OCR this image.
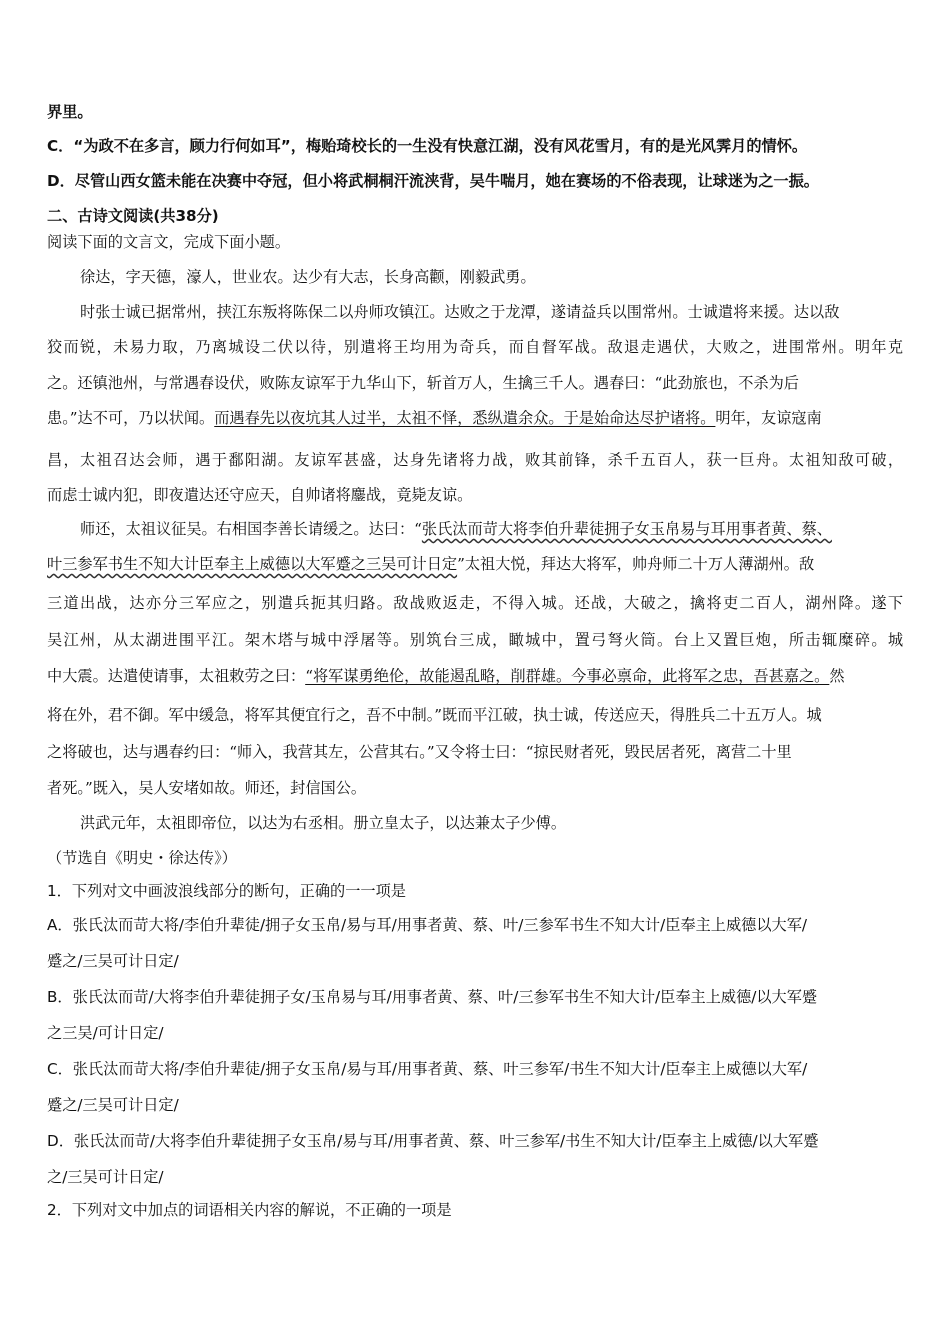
界里。
C．“为政不在多言，顾力行何如耳”，梅贻琦校长的一生没有快意江湖，没有风花雪月，有的是光风霁月的情怀。
D．尽管山西女篮未能在决赛中夺冠，但小将武桐桐汗流浃背，吴牛喘月，她在赛场的不俗表现，让球迷为之一振。
二、古诗文阅读(共38分)
阅读下面的文言文，完成下面小题。
徐达，字天德，濠人，世业农。达少有大志，长身高颧，刚毅武勇。
时张士诚已据常州，挟江东叛将陈保二以舟师攻镇江。达败之于龙潭，遂请益兵以围常州。士诚遣将来援。达以敌
狡而锐，未易力取，乃离城设二伏以待，别遣将王均用为奇兵，而自督军战。敌退走遇伏，大败之，进围常州。明年克
之。还镇池州，与常遇春设伏，败陈友谅军于九华山下，斩首万人，生擒三千人。遇春曰：“此劲旅也，不杀为后
患。”达不可，乃以状闻。而遇春先以夜坑其人过半，太祖不怿，悉纵遣余众。于是始命达尽护诸将。明年，友谅寇南
昌，太祖召达会师，遇于鄱阳湖。友谅军甚盛，达身先诸将力战，败其前锋，杀千五百人，获一巨舟。太祖知敌可破，
而虑士诚内犯，即夜遣达还守应天，自帅诸将鏖战，竟毙友谅。
师还，太祖议征吴。右相国李善长请缓之。达曰：“张氏汰而苛大将李伯升辈徒拥子女玉帛易与耳用事者黄、蔡、
叶三参军书生不知大计臣奉主上威德以大军蹙之三吴可计日定”太祖大悦，拜达大将军，帅舟师二十万人薄湖州。敌
三道出战，达亦分三军应之，别遣兵扼其归路。敌战败返走，不得入城。还战，大破之，擒将吏二百人，湖州降。遂下
吴江州，从太湖进围平江。架木塔与城中浮屠等。别筑台三成，瞰城中，置弓弩火筒。台上又置巨炮，所击辄糜碎。城
中大震。达遣使请事，太祖敕劳之曰：“将军谋勇绝伦，故能遏乱略，削群雄。今事必禀命，此将军之忠，吾甚嘉之。然
将在外，君不御。军中缓急，将军其便宜行之，吾不中制。”既而平江破，执士诚，传送应天，得胜兵二十五万人。城
之将破也，达与遇春约曰：“师入，我营其左，公营其右。”又令将士曰：“掠民财者死，毁民居者死，离营二十里
者死。”既入，吴人安堵如故。师还，封信国公。
洪武元年，太祖即帝位，以达为右丞相。册立皇太子，以达兼太子少傅。
（节选自《明史・徐达传》）
1．下列对文中画波浪线部分的断句，正确的一一项是
A．张氏汰而苛大将/李伯升辈徒/拥子女玉帛/易与耳/用事者黄、蔡、叶/三参军书生不知大计/臣奉主上威德以大军/
蹙之/三吴可计日定/
B．张氏汰而苛/大将李伯升辈徒拥子女/玉帛易与耳/用事者黄、蔡、叶/三参军书生不知大计/臣奉主上威德/以大军蹙
之三吴/可计日定/
C．张氏汰而苛大将/李伯升辈徒/拥子女玉帛/易与耳/用事者黄、蔡、叶三参军/书生不知大计/臣奉主上威德以大军/
蹙之/三吴可计日定/
D．张氏汰而苛/大将李伯升辈徒拥子女玉帛/易与耳/用事者黄、蔡、叶三参军/书生不知大计/臣奉主上威德/以大军蹙
之/三吴可计日定/
2．下列对文中加点的词语相关内容的解说，不正确的一项是
